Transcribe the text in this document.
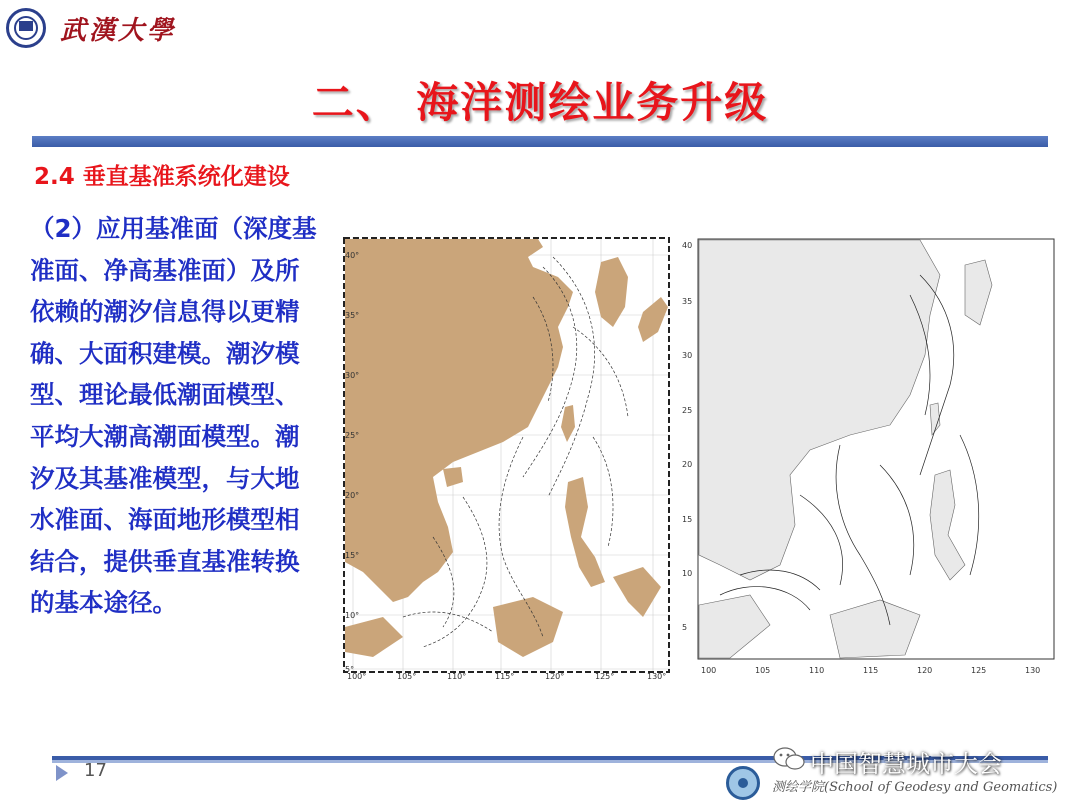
武漢大學
二、 海洋测绘业务升级
2.4 垂直基准系统化建设
（2）应用基准面（深度基准面、净高基准面）及所依赖的潮汐信息得以更精确、大面积建模。潮汐模型、理论最低潮面模型、平均大潮高潮面模型。潮汐及其基准模型，与大地水准面、海面地形模型相结合，提供垂直基准转换的基本途径。
40°
35°
30°
25°
20°
15°
10°
5°
100°	105°	110°	115°	120°	125°	130°
40
35
30
25
20
15
10
5
100	105	110	115	120	125	130
17
测绘学院(School of Geodesy and Geomatics)
中国智慧城市大会
